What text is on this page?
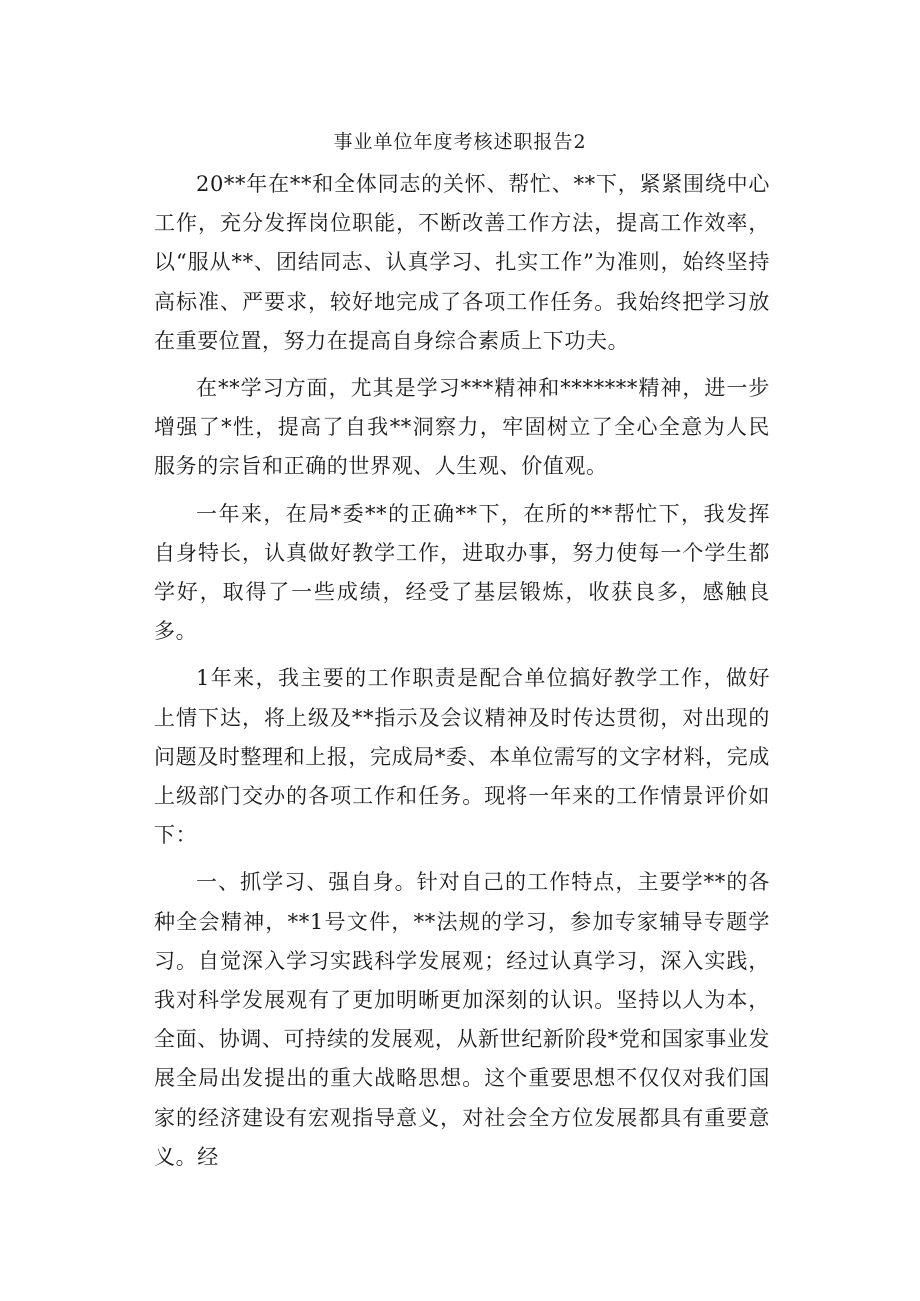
事业单位年度考核述职报告2

20**年在**和全体同志的关怀、帮忙、**下，紧紧围绕中心工作，充分发挥岗位职能，不断改善工作方法，提高工作效率，以“服从**、团结同志、认真学习、扎实工作”为准则，始终坚持高标准、严要求，较好地完成了各项工作任务。我始终把学习放在重要位置，努力在提高自身综合素质上下功夫。

在**学习方面，尤其是学习***精神和*******精神，进一步增强了*性，提高了自我**洞察力，牢固树立了全心全意为人民服务的宗旨和正确的世界观、人生观、价值观。

一年来，在局*委**的正确**下，在所的**帮忙下，我发挥自身特长，认真做好教学工作，进取办事，努力使每一个学生都学好，取得了一些成绩，经受了基层锻炼，收获良多，感触良多。

1年来，我主要的工作职责是配合单位搞好教学工作，做好上情下达，将上级及**指示及会议精神及时传达贯彻，对出现的问题及时整理和上报，完成局*委、本单位需写的文字材料，完成上级部门交办的各项工作和任务。现将一年来的工作情景评价如下：

一、抓学习、强自身。针对自己的工作特点，主要学**的各种全会精神，**1号文件，**法规的学习，参加专家辅导专题学习。自觉深入学习实践科学发展观；经过认真学习，深入实践，我对科学发展观有了更加明晰更加深刻的认识。坚持以人为本，全面、协调、可持续的发展观，从新世纪新阶段*党和国家事业发展全局出发提出的重大战略思想。这个重要思想不仅仅对我们国家的经济建设有宏观指导意义，对社会全方位发展都具有重要意义。经
